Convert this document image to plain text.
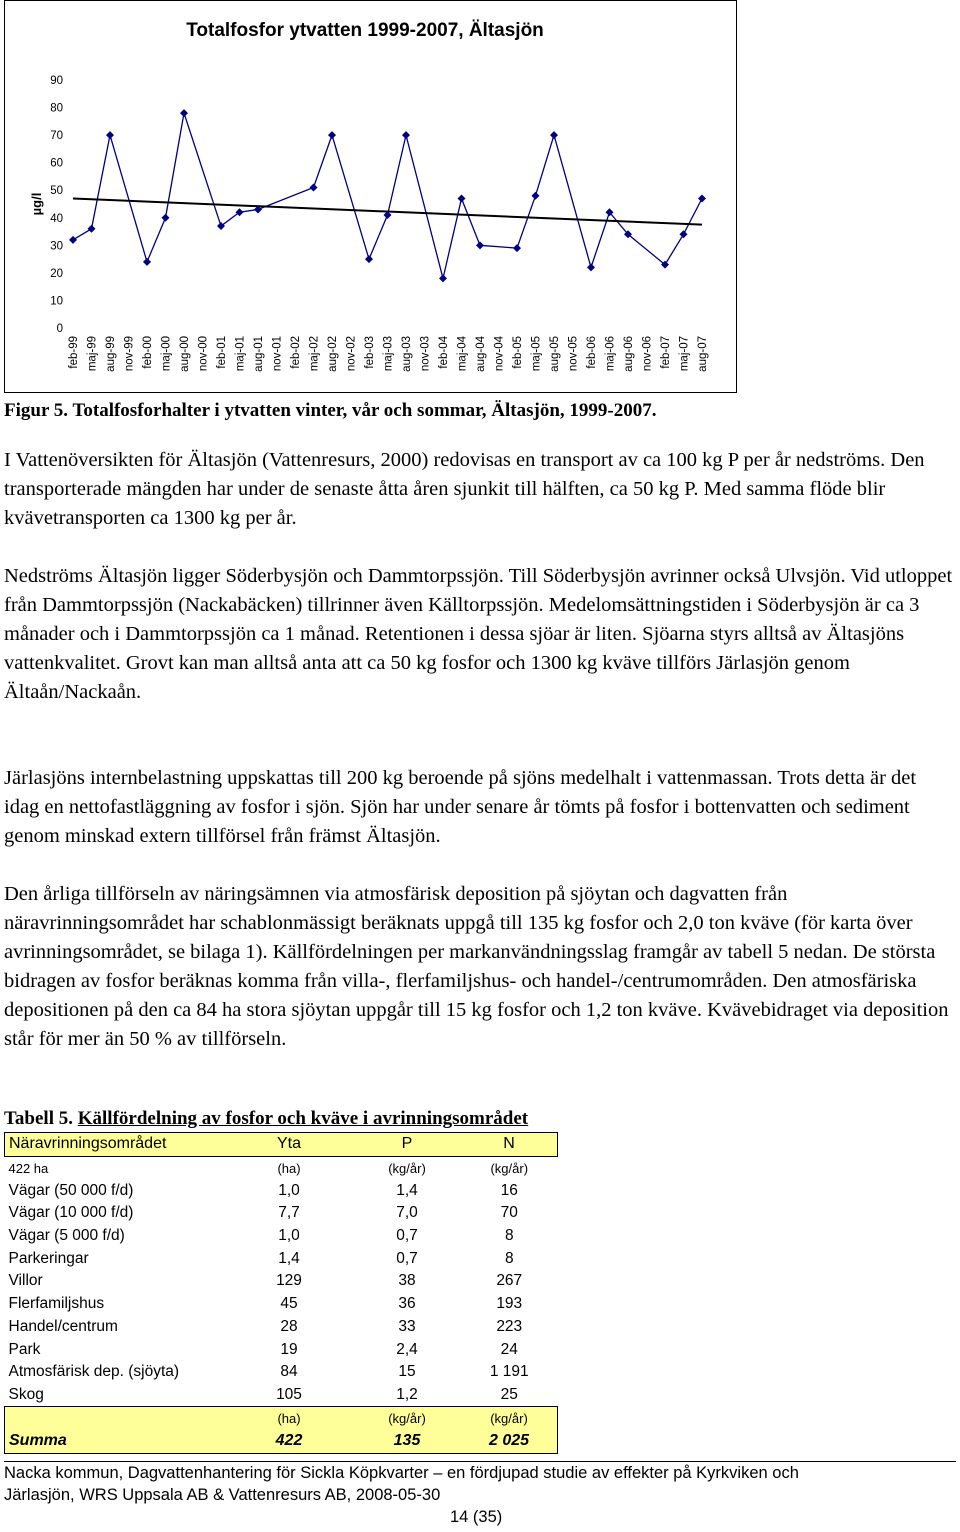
Totalfosfor ytvatten 1999-2007, Ältasjön
µg/l
0
10
20
30
40
50
60
70
80
90
feb-99 maj-99 aug-99 nov-99 feb-00 maj-00 aug-00 nov-00 feb-01 maj-01 aug-01 nov-01 feb-02 maj-02 aug-02 nov-02 feb-03 maj-03 aug-03 nov-03 feb-04 maj-04 aug-04 nov-04 feb-05 maj-05 aug-05 nov-05 feb-06 maj-06 aug-06 nov-06 feb-07 maj-07 aug-07
Figur 5. Totalfosforhalter i ytvatten vinter, vår och sommar, Ältasjön, 1999-2007.

I Vattenöversikten för Ältasjön (Vattenresurs, 2000) redovisas en transport av ca 100 kg P per år nedströms. Den transporterade mängden har under de senaste åtta åren sjunkit till hälften, ca 50 kg P. Med samma flöde blir kvävetransporten ca 1300 kg per år.

Nedströms Ältasjön ligger Söderbysjön och Dammtorpssjön. Till Söderbysjön avrinner också Ulvsjön. Vid utloppet från Dammtorpssjön (Nackabäcken) tillrinner även Källtorpssjön. Medelomsättningstiden i Söderbysjön är ca 3 månader och i Dammtorpssjön ca 1 månad. Retentionen i dessa sjöar är liten. Sjöarna styrs alltså av Ältasjöns vattenkvalitet. Grovt kan man alltså anta att ca 50 kg fosfor och 1300 kg kväve tillförs Järlasjön genom Ältaån/Nackaån.

Järlasjöns internbelastning uppskattas till 200 kg beroende på sjöns medelhalt i vattenmassan. Trots detta är det idag en nettofastläggning av fosfor i sjön. Sjön har under senare år tömts på fosfor i bottenvatten och sediment genom minskad extern tillförsel från främst Ältasjön.

Den årliga tillförseln av näringsämnen via atmosfärisk deposition på sjöytan och dagvatten från näravrinningsområdet har schablonmässigt beräknats uppgå till 135 kg fosfor och 2,0 ton kväve (för karta över avrinningsområdet, se bilaga 1). Källfördelningen per markanvändningsslag framgår av tabell 5 nedan. De största bidragen av fosfor beräknas komma från villa-, flerfamiljshus- och handel-/centrumområden. Den atmosfäriska depositionen på den ca 84 ha stora sjöytan uppgår till 15 kg fosfor och 1,2 ton kväve. Kvävebidraget via deposition står för mer än 50 % av tillförseln.

Tabell 5. Källfördelning av fosfor och kväve i avrinningsområdet
Näravrinningsområdet	Yta	P	N
422 ha	(ha)	(kg/år)	(kg/år)
Vägar (50 000 f/d)	1,0	1,4	16
Vägar (10 000 f/d)	7,7	7,0	70
Vägar (5 000 f/d)	1,0	0,7	8
Parkeringar	1,4	0,7	8
Villor	129	38	267
Flerfamiljshus	45	36	193
Handel/centrum	28	33	223
Park	19	2,4	24
Atmosfärisk dep. (sjöyta)	84	15	1 191
Skog	105	1,2	25
	(ha)	(kg/år)	(kg/år)
Summa	422	135	2 025
Nacka kommun, Dagvattenhantering för Sickla Köpkvarter – en fördjupad studie av effekter på Kyrkviken och
Järlasjön, WRS Uppsala AB & Vattenresurs AB, 2008-05-30
14 (35)
